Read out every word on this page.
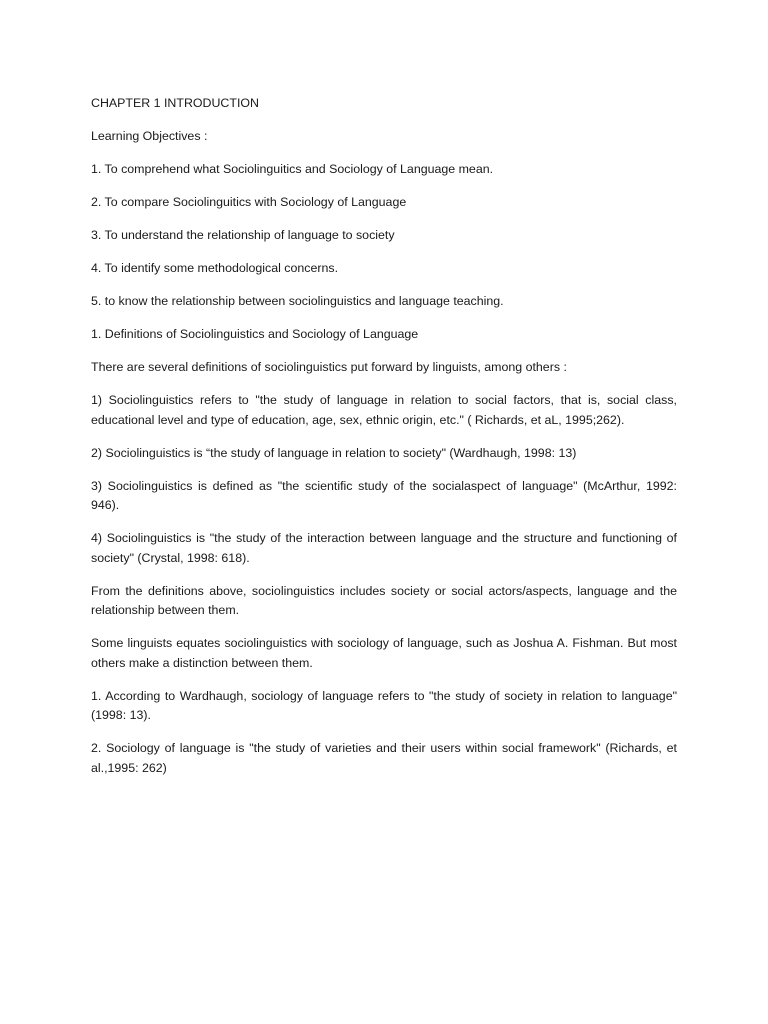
CHAPTER 1 INTRODUCTION

Learning Objectives :

1. To comprehend what Sociolinguitics and Sociology of Language mean.

2. To compare Sociolinguitics with Sociology of Language

3. To understand the relationship of language to society

4. To identify some methodological concerns.

5. to know the relationship between sociolinguistics and language teaching.

1. Definitions of Sociolinguistics and Sociology of Language

There are several definitions of sociolinguistics put forward by linguists, among others :

1) Sociolinguistics refers to "the study of language in relation to social factors, that is, social class, educational level and type of education, age, sex, ethnic origin, etc." ( Richards, et aL, 1995;262).

2) Sociolinguistics is “the study of language in relation to society" (Wardhaugh, 1998: 13)

3) Sociolinguistics is defined as "the scientific study of the socialaspect of language" (McArthur, 1992: 946).

4) Sociolinguistics is "the study of the interaction between language and the structure and functioning of society" (Crystal, 1998: 618).

From the definitions above, sociolinguistics includes society or social actors/aspects, language and the relationship between them.

Some linguists equates sociolinguistics with sociology of language, such as Joshua A. Fishman. But most others make a distinction between them.

1. According to Wardhaugh, sociology of language refers to "the study of society in relation to language" (1998: 13).

2. Sociology of language is "the study of varieties and their users within social framework" (Richards, et al.,1995: 262)
